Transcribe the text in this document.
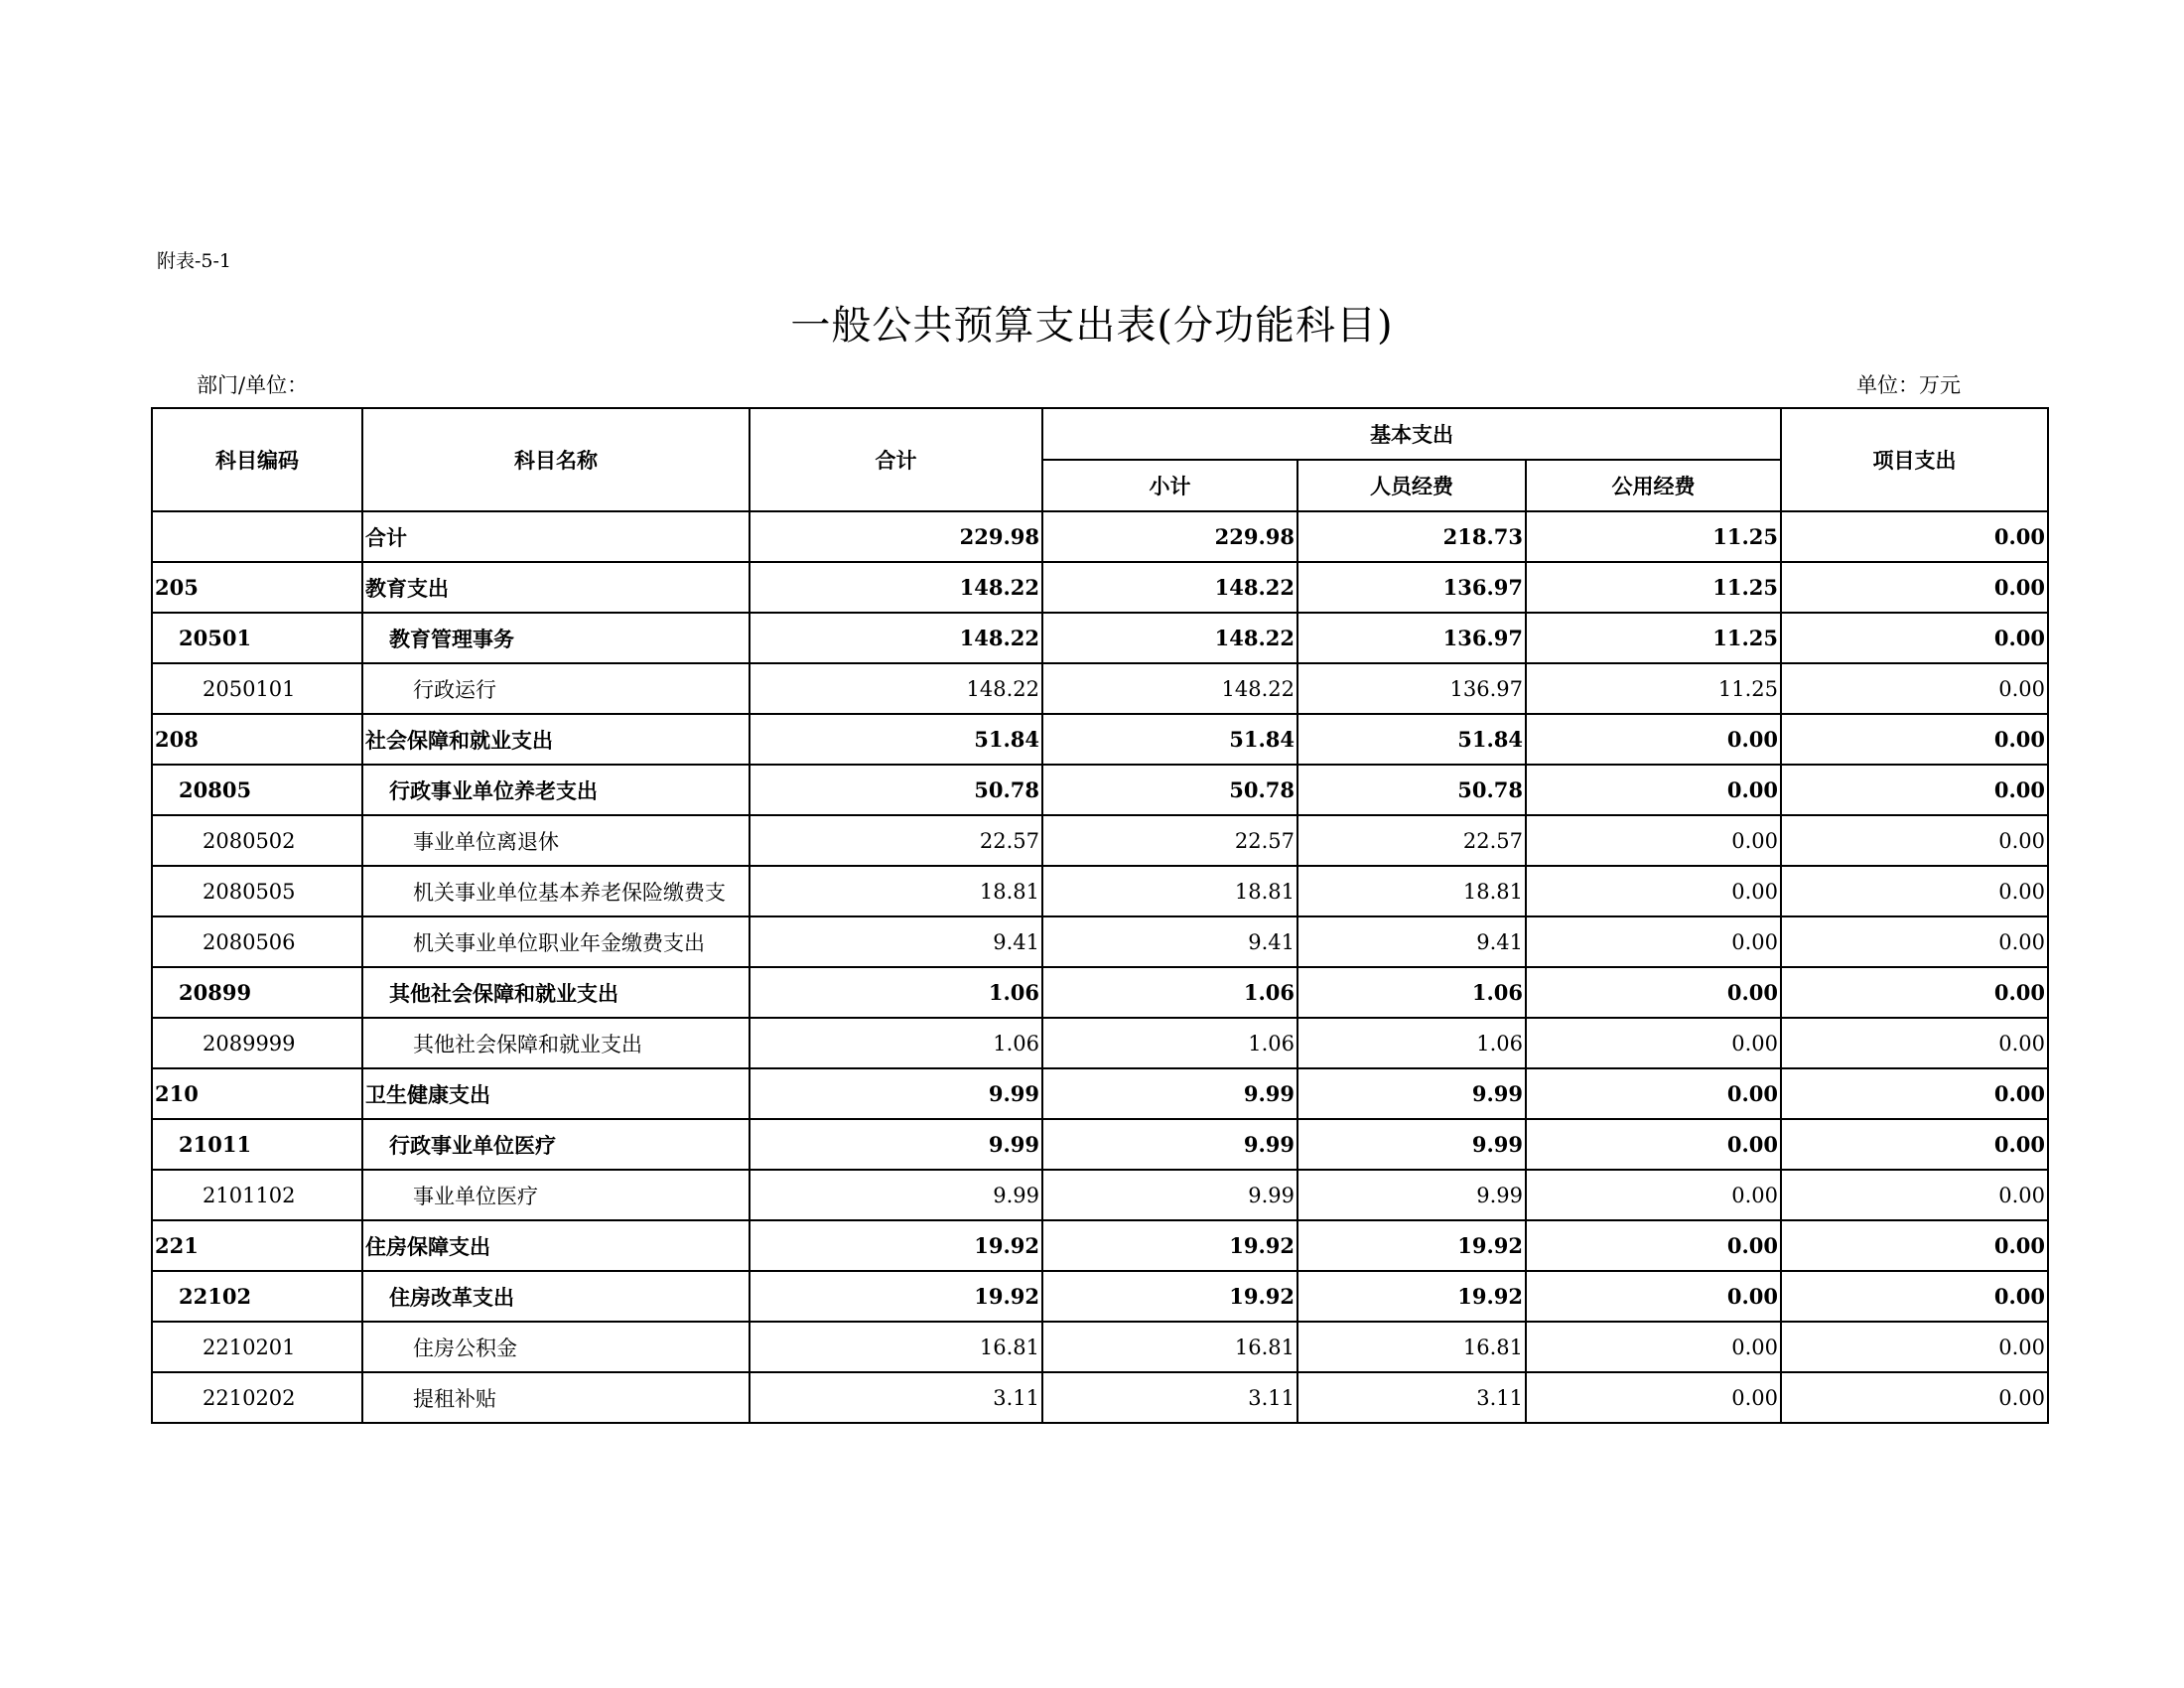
附表-5-1
一般公共预算支出表(分功能科目)
部门/单位：	单位：万元
科目编码	科目名称	合计	基本支出			项目支出
			小计	人员经费	公用经费	
	合计	229.98	229.98	218.73	11.25	0.00
205	教育支出	148.22	148.22	136.97	11.25	0.00
20501	教育管理事务	148.22	148.22	136.97	11.25	0.00
2050101	行政运行	148.22	148.22	136.97	11.25	0.00
208	社会保障和就业支出	51.84	51.84	51.84	0.00	0.00
20805	行政事业单位养老支出	50.78	50.78	50.78	0.00	0.00
2080502	事业单位离退休	22.57	22.57	22.57	0.00	0.00
2080505	机关事业单位基本养老保险缴费支	18.81	18.81	18.81	0.00	0.00
2080506	机关事业单位职业年金缴费支出	9.41	9.41	9.41	0.00	0.00
20899	其他社会保障和就业支出	1.06	1.06	1.06	0.00	0.00
2089999	其他社会保障和就业支出	1.06	1.06	1.06	0.00	0.00
210	卫生健康支出	9.99	9.99	9.99	0.00	0.00
21011	行政事业单位医疗	9.99	9.99	9.99	0.00	0.00
2101102	事业单位医疗	9.99	9.99	9.99	0.00	0.00
221	住房保障支出	19.92	19.92	19.92	0.00	0.00
22102	住房改革支出	19.92	19.92	19.92	0.00	0.00
2210201	住房公积金	16.81	16.81	16.81	0.00	0.00
2210202	提租补贴	3.11	3.11	3.11	0.00	0.00
